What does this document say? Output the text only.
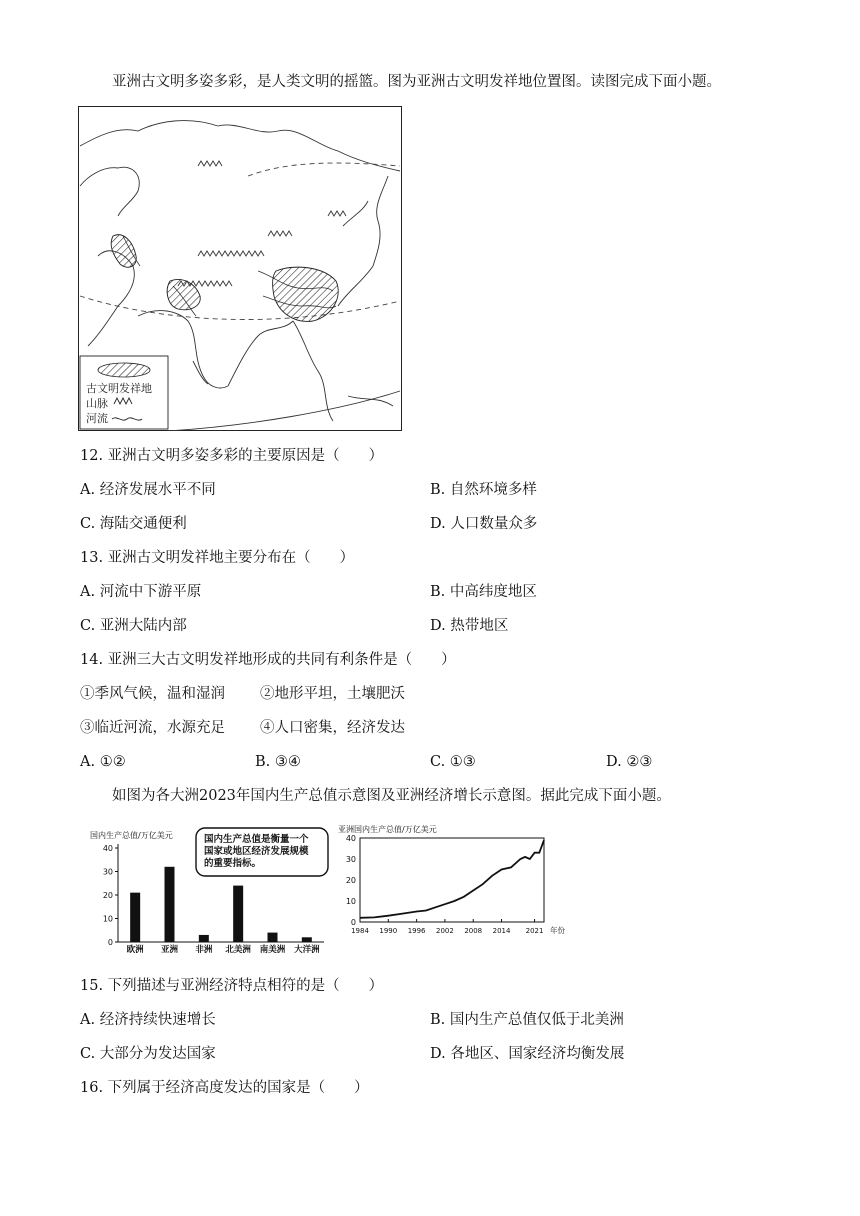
亚洲古文明多姿多彩，是人类文明的摇篮。图为亚洲古文明发祥地位置图。读图完成下面小题。
古文明发祥地
山脉
河流
12. 亚洲古文明多姿多彩的主要原因是（　　）
A. 经济发展水平不同	B. 自然环境多样
C. 海陆交通便利	D. 人口数量众多
13. 亚洲古文明发祥地主要分布在（　　）
A. 河流中下游平原	B. 中高纬度地区
C. 亚洲大陆内部	D. 热带地区
14. 亚洲三大古文明发祥地形成的共同有利条件是（　　）
①季风气候，温和湿润 ②地形平坦，土壤肥沃
③临近河流，水源充足 ④人口密集，经济发达
A. ①②	B. ③④	C. ①③	D. ②③
如图为各大洲2023年国内生产总值示意图及亚洲经济增长示意图。据此完成下面小题。
国内生产总值/万亿美元
0
10
20
30
40
欧洲 亚洲 非洲 北美洲 南美洲 大洋洲
国内生产总值是衡量一个
国家或地区经济发展规模
的重要指标。
亚洲国内生产总值/万亿美元
0
10
20
30
40
1984 1990 1996 2002 2008 2014 2021 年份
15. 下列描述与亚洲经济特点相符的是（　　）
A. 经济持续快速增长	B. 国内生产总值仅低于北美洲
C. 大部分为发达国家	D. 各地区、国家经济均衡发展
16. 下列属于经济高度发达的国家是（　　）
